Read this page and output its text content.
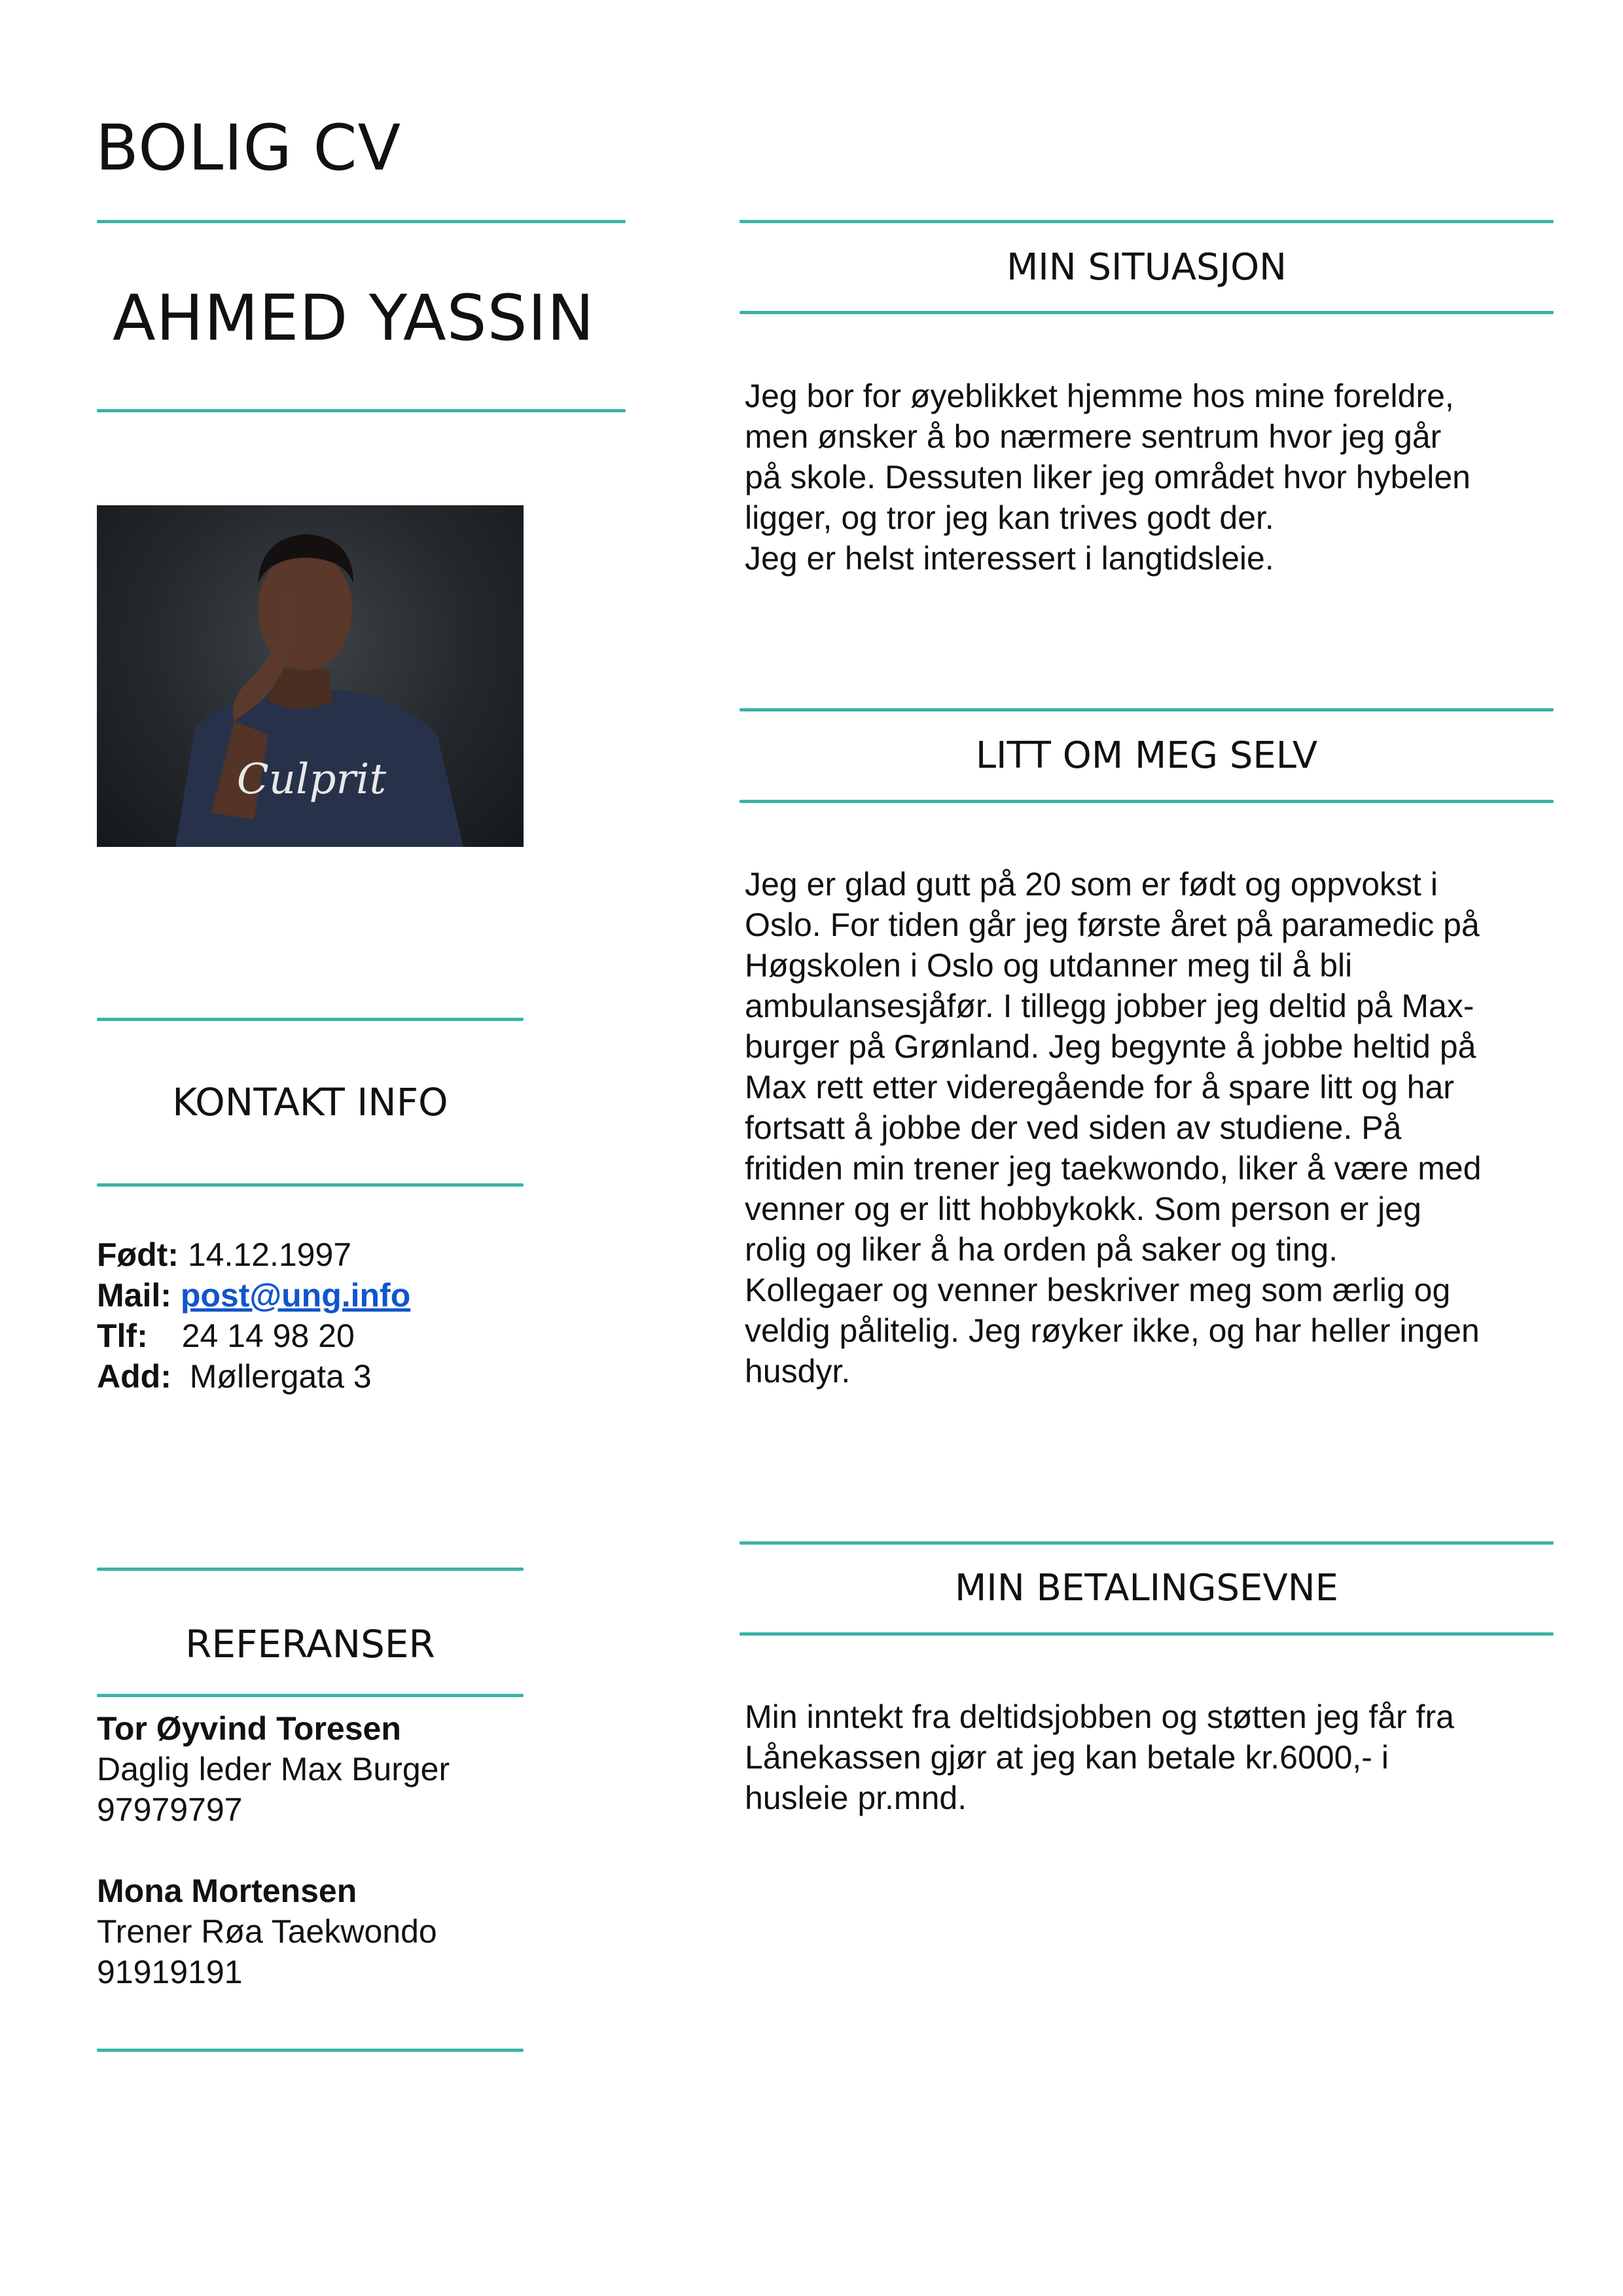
BOLIG CV
AHMED YASSIN
Culprit
KONTAKT INFO
Født: 14.12.1997
Mail: post@ung.info
Tlf: 24 14 98 20
Add: Møllergata 3
REFERANSER
Tor Øyvind Toresen
Daglig leder Max Burger
97979797
Mona Mortensen
Trener Røa Taekwondo
91919191
MIN SITUASJON
Jeg bor for øyeblikket hjemme hos mine foreldre,
men ønsker å bo nærmere sentrum hvor jeg går
på skole. Dessuten liker jeg området hvor hybelen
ligger, og tror jeg kan trives godt der.
Jeg er helst interessert i langtidsleie.
LITT OM MEG SELV
Jeg er glad gutt på 20 som er født og oppvokst i
Oslo. For tiden går jeg første året på paramedic på
Høgskolen i Oslo og utdanner meg til å bli
ambulansesjåfør. I tillegg jobber jeg deltid på Max-
burger på Grønland. Jeg begynte å jobbe heltid på
Max rett etter videregående for å spare litt og har
fortsatt å jobbe der ved siden av studiene. På
fritiden min trener jeg taekwondo, liker å være med
venner og er litt hobbykokk. Som person er jeg
rolig og liker å ha orden på saker og ting.
Kollegaer og venner beskriver meg som ærlig og
veldig pålitelig. Jeg røyker ikke, og har heller ingen
husdyr.
MIN BETALINGSEVNE
Min inntekt fra deltidsjobben og støtten jeg får fra
Lånekassen gjør at jeg kan betale kr.6000,- i
husleie pr.mnd.
